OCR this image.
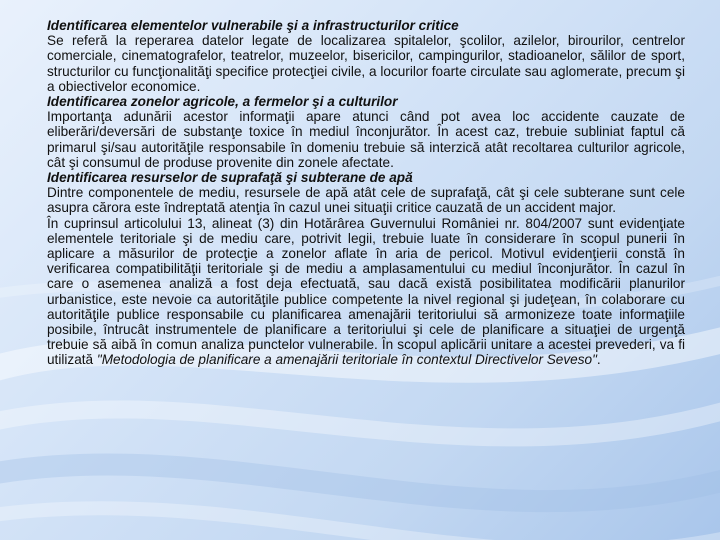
Identificarea elementelor vulnerabile şi a infrastructurilor critice

Se referă la reperarea datelor legate de localizarea spitalelor, şcolilor, azilelor, birourilor, centrelor comerciale, cinematografelor, teatrelor, muzeelor, bisericilor, campingurilor, stadioanelor, sălilor de sport, structurilor cu funcţionalităţi specifice protecţiei civile, a locurilor foarte circulate sau aglomerate, precum şi a obiectivelor economice.

Identificarea zonelor agricole, a fermelor şi a culturilor

Importanţa adunării acestor informaţii apare atunci când pot avea loc accidente cauzate de eliberări/deversări de substanţe toxice în mediul înconjurător. În acest caz, trebuie subliniat faptul că primarul şi/sau autorităţile responsabile în domeniu trebuie să interzică atât recoltarea culturilor agricole, cât şi consumul de produse provenite din zonele afectate.

Identificarea resurselor de suprafaţă şi subterane de apă

Dintre componentele de mediu, resursele de apă atât cele de suprafaţă, cât şi cele subterane sunt cele asupra cărora este îndreptată atenţia în cazul unei situaţii critice cauzată de un accident major.

În cuprinsul articolului 13, alineat (3) din Hotărârea Guvernului României nr. 804/2007 sunt evidenţiate elementele teritoriale şi de mediu care, potrivit legii, trebuie luate în considerare în scopul punerii în aplicare a măsurilor de protecţie a zonelor aflate în aria de pericol. Motivul evidenţierii constă în verificarea compatibilităţii teritoriale şi de mediu a amplasamentului cu mediul înconjurător. În cazul în care o asemenea analiză a fost deja efectuată, sau dacă există posibilitatea modificării planurilor urbanistice, este nevoie ca autorităţile publice competente la nivel regional şi judeţean, în colaborare cu autorităţile publice responsabile cu planificarea amenajării teritoriului să armonizeze toate informaţiile posibile, întrucât instrumentele de planificare a teritoriului şi cele de planificare a situaţiei de urgenţă trebuie să aibă în comun analiza punctelor vulnerabile. În scopul aplicării unitare a acestei prevederi, va fi utilizată "Metodologia de planificare a amenajării teritoriale în contextul Directivelor Seveso".
